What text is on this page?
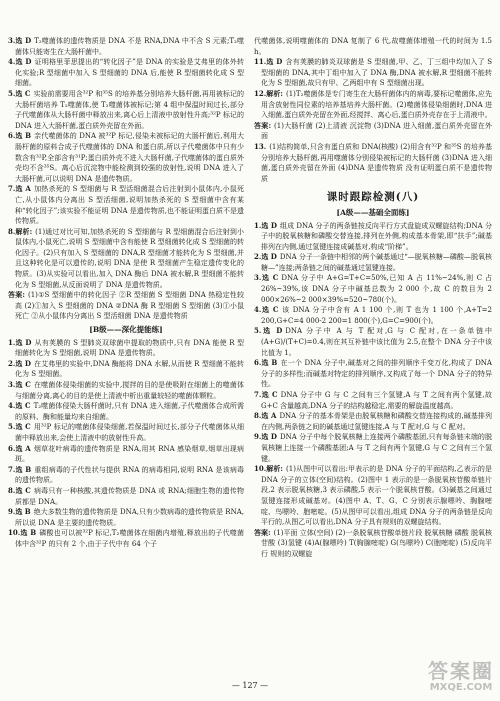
3.选 D T₂噬菌体的遗传物质是 DNA 不是 RNA,DNA 中不含 S 元素;T₂噬菌体只能寄生在大肠杆菌中。

4.选 D 证明格里菲思提出的“转化因子”是 DNA 的实验是艾弗里的体外转化实验;R 型细菌中加入 S 型细菌的 DNA 后,能使 R 型细菌转化成 S 型细菌。

5.选 C 实验前需要用含³²P 和³⁵S 的培养基分别培养大肠杆菌,再用被标记的大肠杆菌培养 T₂噬菌体,使 T₂噬菌体被标记;第 4 组中保温时间过长,部分子代噬菌体从大肠杆菌中释放出来,离心后上清液中放射性升高;³²P 标记的 DNA 进入大肠杆菌,蛋白质外壳留在外面。

6.选 B 亲代噬菌体的 DNA 被³²P 标记,侵染未被标记的大肠杆菌后,利用大肠杆菌的原料合成子代噬菌体的 DNA 和蛋白质,所以子代噬菌体中只有少数含有³²P,全部含有³¹P;蛋白质外壳不进入大肠杆菌,子代噬菌体的蛋白质外壳均不含³⁵S。离心后沉淀物中能检测到较强的放射性,说明 DNA 进入了大肠杆菌,可以说明 DNA 是遗传物质。

7.选 A 加热杀死的 S 型细菌与 R 型活细菌混合后注射到小鼠体内,小鼠死亡,从小鼠体内分离出 S 型活细菌,说明加热杀死的 S 型细菌中含有某种“转化因子”;该实验不能证明 DNA 是遗传物质,也不能证明蛋白质不是遗传物质。

8.解析: (1)通过对比可知,加热杀死的 S 型细菌与 R 型细菌混合后注射到小鼠体内,小鼠死亡,说明 S 型细菌中含有能使 R 型细菌转化成 S 型细菌的转化因子。(2)只有加入 S 型细菌的 DNA,R 型细菌才能转化为 S 型细菌,并且这种转化是可以遗传的,说明 DNA 是使 R 型细菌产生稳定遗传变化的物质。(3)从实验可以看出,加入 DNA 酶后 DNA 被水解,R 型细菌不能转化为 S 型细菌,从反面说明了 DNA 是遗传物质。

答案: (1)①S 型细菌中的转化因子 ②R 型细菌 S 型细菌 DNA 热稳定性较高 (2)①加入 S 型细菌的 DNA ②DNA 酶 R 型细菌 S 型细菌 (3)①小鼠死亡 ②从小鼠体内分离出 S 型活细菌 DNA 是遗传物质

[B级——深化提能练]

1.选 D 从有荚膜的 S 型肺炎双球菌中提取的物质中,只有 DNA 能使 R 型细菌转化为 S 型细菌,说明 DNA 是遗传物质。

2.选 D 在艾弗里的实验中,DNA 酶能将 DNA 水解,从而使 R 型细菌不能转化为 S 型细菌。

3.选 C 在噬菌体侵染细菌的实验中,搅拌的目的是使吸附在细菌上的噬菌体与细菌分离,离心的目的是使上清液中析出重量较轻的噬菌体颗粒。

4.选 C T₂噬菌体侵染大肠杆菌时,只有 DNA 进入细菌,子代噬菌体合成所需的原料、酶和能量均来自细菌。

5.选 C 用³²P 标记的噬菌体侵染细菌,若保温时间过长,部分子代噬菌体从细菌中释放出来,会使上清液中的放射性升高。

6.选 A 烟草花叶病毒的遗传物质是 RNA,用其 RNA 感染烟草,烟草出现病斑。

7.选 B 重组病毒的子代性状与提供 RNA 的病毒相同,说明 RNA 是该病毒的遗传物质。

8.选 C 病毒只有一种核酸,其遗传物质是 DNA 或 RNA;细胞生物的遗传物质都是 DNA。

9.选 B 绝大多数生物的遗传物质是 DNA,只有少数病毒的遗传物质是 RNA,所以说 DNA 是主要的遗传物质。

10.选 B 磷酸也可以被³²P 标记,T₂噬菌体在细菌内增殖,释放出的子代噬菌体中含³²P 的只有 2 个,由于子代中有 64 个子

代噬菌体,说明噬菌体的 DNA 复制了 6 代,故噬菌体增殖一代的时间为 1.5 h。

11.选 D 含有荚膜的肺炎双球菌是 S 型细菌,甲、乙、丁三组中均加入了 S 型细菌的 DNA,其中丁组中加入了 DNA 酶,DNA 被水解,R 型细菌不能转化为 S 型细菌,故只有甲、乙两组中有 S 型细菌出现。

12.解析: (1)T₂噬菌体是专门寄生在大肠杆菌体内的病毒,要标记噬菌体,应先用含放射性同位素的培养基培养大肠杆菌。(2)噬菌体侵染细菌时,DNA 进入细菌,蛋白质外壳留在外面,经搅拌、离心后,蛋白质外壳存在于上清液中。

答案: (1)大肠杆菌 (2)上清液 沉淀物 (3)DNA 进入细菌,蛋白质外壳留在外面

13. (1)结构简单,只含有蛋白质和 DNA(核酸) (2)用含有³²P 和³⁵S 的培养基分别培养大肠杆菌,再用噬菌体分别侵染被标记的大肠杆菌 (3)DNA 进入细菌,蛋白质外壳留在外面 (4)DNA 是遗传物质 没有证明蛋白质不是遗传物质

课时跟踪检测(八)
[A级——基础全面练]

1.选 D 组成 DNA 分子的两条链按反向平行方式盘旋成双螺旋结构;DNA 分子中的脱氧核糖和磷酸交替连接,排列在外侧,构成基本骨架,即“扶手”;碱基排列在内侧,通过氢键连接成碱基对,构成“阶梯”。

2.选 D DNA 分子一条链中相邻的两个碱基通过“—脱氧核糖—磷酸—脱氧核糖—”连接;两条链之间的碱基通过氢键连接。

3.选 C DNA 分子中 A+G=T+C=50%,已知 A 占 11%~24%,则 C 占 26%~39%,该 DNA 分子中碱基总数为 2 000 个,故 C 的数目为 2 000×26%~2 000×39%=520~780(个)。

4.选 C 该 DNA 分子中含有 A 1 100 个,则 T 也为 1 100 个,A+T=2 200,G+C=4 000-2 200=1 800(个),G=C=900(个)。

5.选 D DNA 分子中 A 与 T 配对,G 与 C 配对,在一条单链中(A+G)/(T+C)=0.4,则在其互补链中该比值为 2.5,在整个 DNA 分子中该比值为 1。

6.选 B 在一个 DNA 分子中,碱基对之间的排列顺序千变万化,构成了 DNA 分子的多样性;而碱基对特定的排列顺序,又构成了每一个 DNA 分子的特异性。

7.选 C DNA 分子中 G 与 C 之间有三个氢键,A 与 T 之间有两个氢键,故 G+C 含量越高,DNA 分子的结构越稳定,需要的解旋温度越高。

8.选 A DNA 分子的基本骨架是由脱氧核糖和磷酸交替连接构成的,碱基排列在内侧,两条链之间的碱基通过氢键连接,A 与 T 配对,G 与 C 配对。

9.选 D DNA 分子中每个脱氧核糖上连接两个磷酸基团,只有每条链末端的脱氧核糖上连接一个磷酸基团;A 与 T 之间有两个氢键,G 与 C 之间有三个氢键。

10.解析: (1)从图中可以看出:甲表示的是 DNA 分子的平面结构,乙表示的是 DNA 分子的立体(空间)结构。(2)图中 1 表示的是一条脱氧核苷酸单链片段,2 表示脱氧核糖,3 表示磷酸,5 表示一个脱氧核苷酸。(3)碱基之间通过氢键连接形成碱基对。(4)图中 A、T、G、C 分别表示腺嘌呤、胸腺嘧啶、鸟嘌呤、胞嘧啶。(5)从图甲可以看出,组成 DNA 分子的两条链是反向平行的,从图乙可以看出,DNA 分子具有规则的双螺旋结构。

答案: (1)平面 立体(空间) (2)一条脱氧核苷酸单链片段 脱氧核糖 磷酸 脱氧核苷酸 (3)氢键 (4)A(腺嘌呤) T(胸腺嘧啶) G(鸟嘌呤) C(胞嘧啶) (5)反向平行 规则的双螺旋

— 127 —
答案圈
MXQE.COM
